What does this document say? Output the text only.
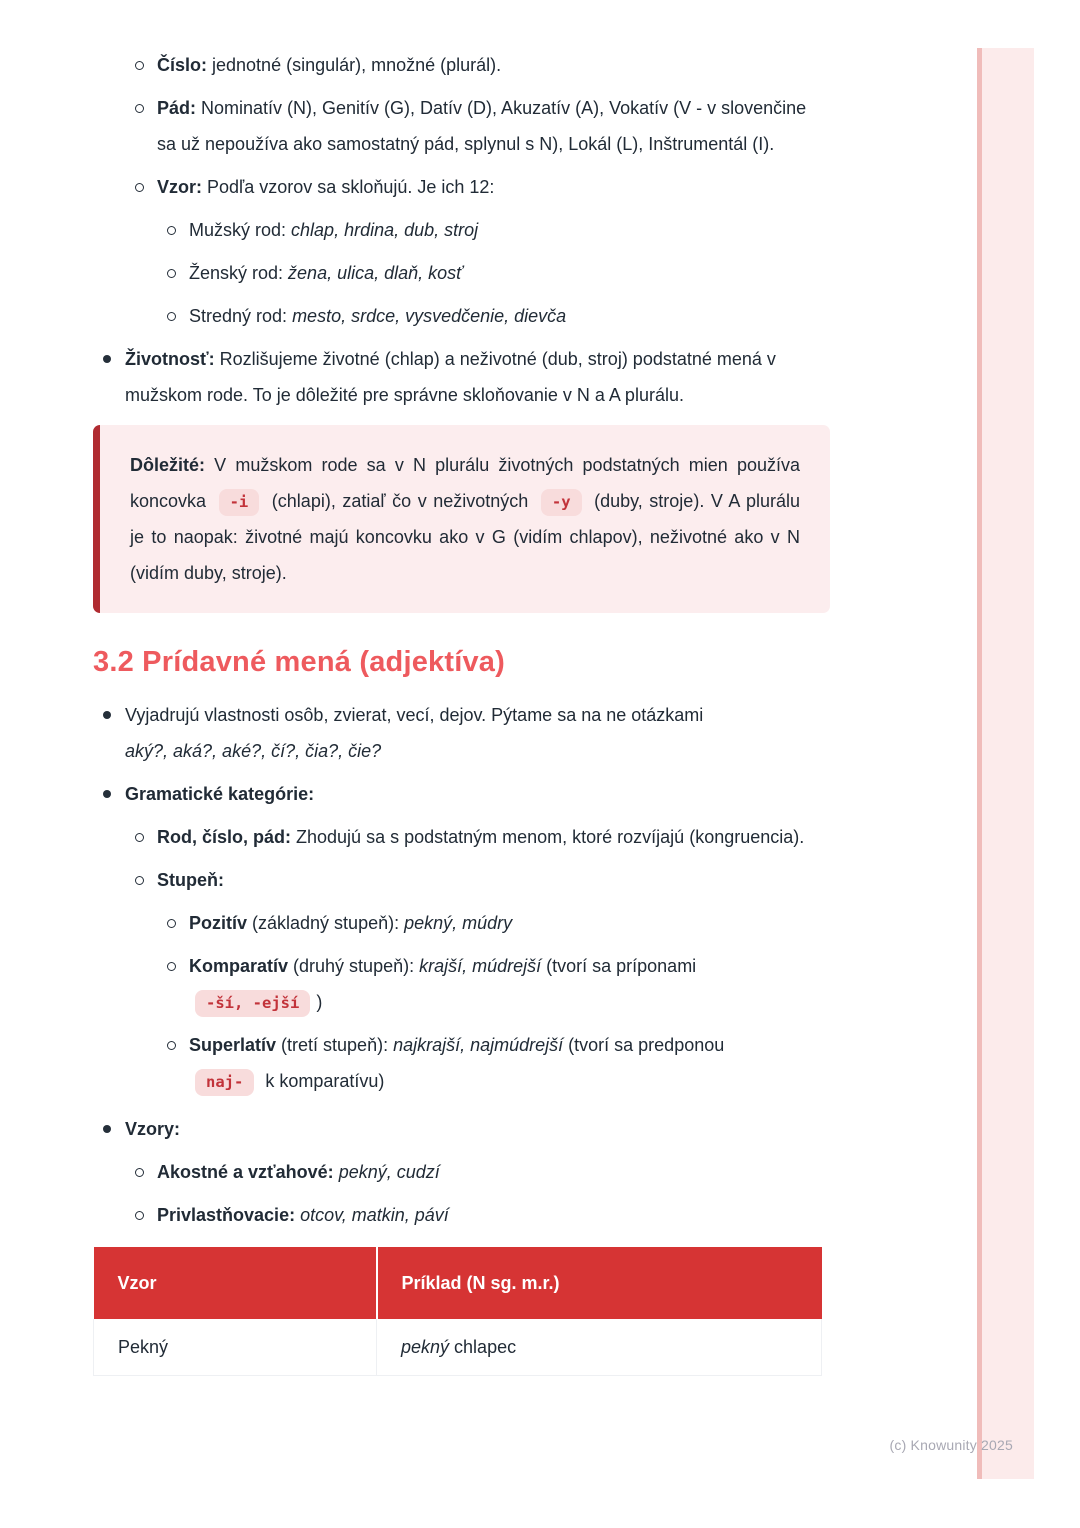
(c) Knowunity 2025
Číslo: jednotné (singulár), množné (plurál).
Pád: Nominatív (N), Genitív (G), Datív (D), Akuzatív (A), Vokatív (V - v slovenčine sa už nepoužíva ako samostatný pád, splynul s N), Lokál (L), Inštrumentál (I).
Vzor: Podľa vzorov sa skloňujú. Je ich 12:
Mužský rod: chlap, hrdina, dub, stroj
Ženský rod: žena, ulica, dlaň, kosť
Stredný rod: mesto, srdce, vysvedčenie, dievča
Životnosť: Rozlišujeme životné (chlap) a neživotné (dub, stroj) podstatné mená v mužskom rode. To je dôležité pre správne skloňovanie v N a A plurálu.
Dôležité: V mužskom rode sa v N plurálu životných podstatných mien používa koncovka -i (chlapi), zatiaľ čo v neživotných -y (duby, stroje). V A plurálu je to naopak: životné majú koncovku ako v G (vidím chlapov), neživotné ako v N (vidím duby, stroje).
3.2 Prídavné mená (adjektíva)
Vyjadrujú vlastnosti osôb, zvierat, vecí, dejov. Pýtame sa na ne otázkami
aký?, aká?, aké?, čí?, čia?, čie?
Gramatické kategórie:
Rod, číslo, pád: Zhodujú sa s podstatným menom, ktoré rozvíjajú (kongruencia).
Stupeň:
Pozitív (základný stupeň): pekný, múdry
Komparatív (druhý stupeň): krajší, múdrejší (tvorí sa príponami
-ší, -ejší )
Superlatív (tretí stupeň): najkrajší, najmúdrejší (tvorí sa predponou
naj- k komparatívu)
Vzory:
Akostné a vzťahové: pekný, cudzí
Privlastňovacie: otcov, matkin, páví
Vzor	Príklad (N sg. m.r.)
Pekný	pekný chlapec
